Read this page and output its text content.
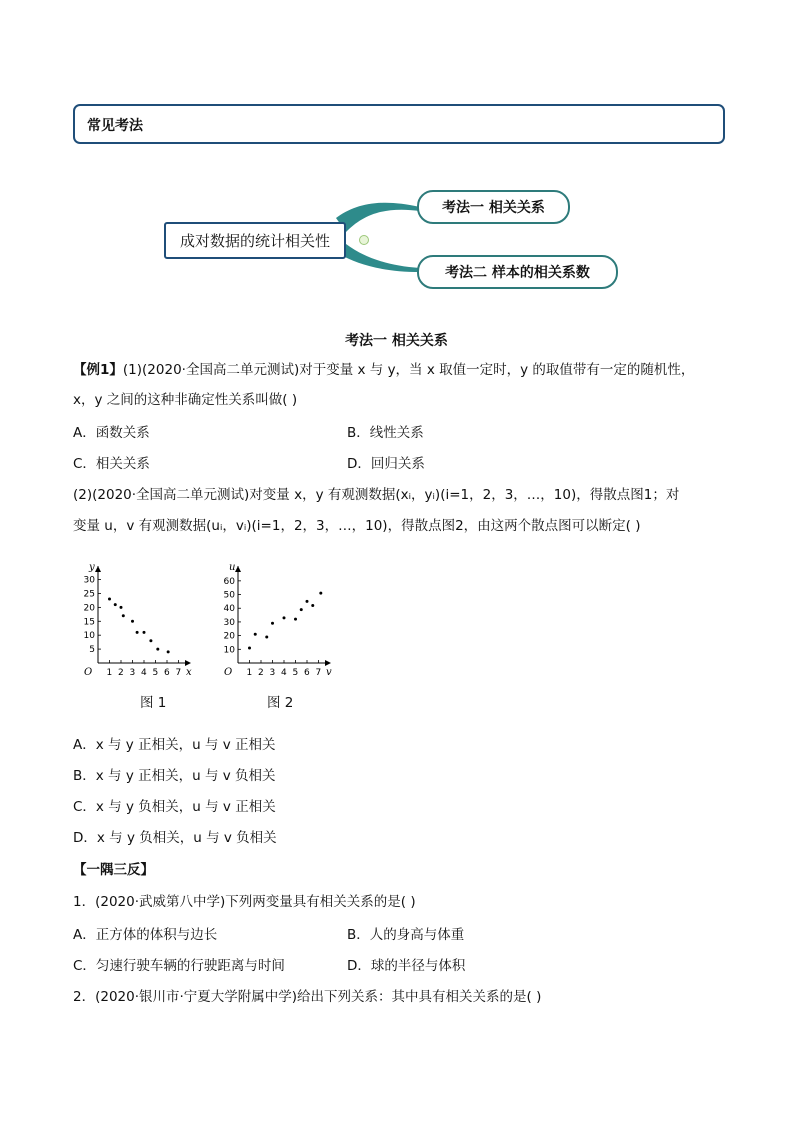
常见考法
成对数据的统计相关性
考法一 相关关系
考法二 样本的相关系数
考法一 相关关系
【例1】(1)(2020·全国高二单元测试)对于变量 x 与 y，当 x 取值一定时，y 的取值带有一定的随机性，
x，y 之间的这种非确定性关系叫做( )
A．函数关系	B．线性关系
C．相关关系	D．回归关系
(2)(2020·全国高二单元测试)对变量 x，y 有观测数据(xᵢ，yᵢ)(i=1，2，3，…，10)，得散点图1；对
变量 u，v 有观测数据(uᵢ，vᵢ)(i=1，2，3，…，10)，得散点图2，由这两个散点图可以断定( )
O
y
x
1 2 3 4 5 6 7
5
10
15
20
25
30
图 1
O
u
v
1 2 3 4 5 6 7
10
20
30
40
50
60
图 2
A．x 与 y 正相关，u 与 v 正相关
B．x 与 y 正相关，u 与 v 负相关
C．x 与 y 负相关，u 与 v 正相关
D．x 与 y 负相关，u 与 v 负相关
【一隅三反】
1．(2020·武威第八中学)下列两变量具有相关关系的是( )
A．正方体的体积与边长	B．人的身高与体重
C．匀速行驶车辆的行驶距离与时间	D．球的半径与体积
2．(2020·银川市·宁夏大学附属中学)给出下列关系：其中具有相关关系的是( )
